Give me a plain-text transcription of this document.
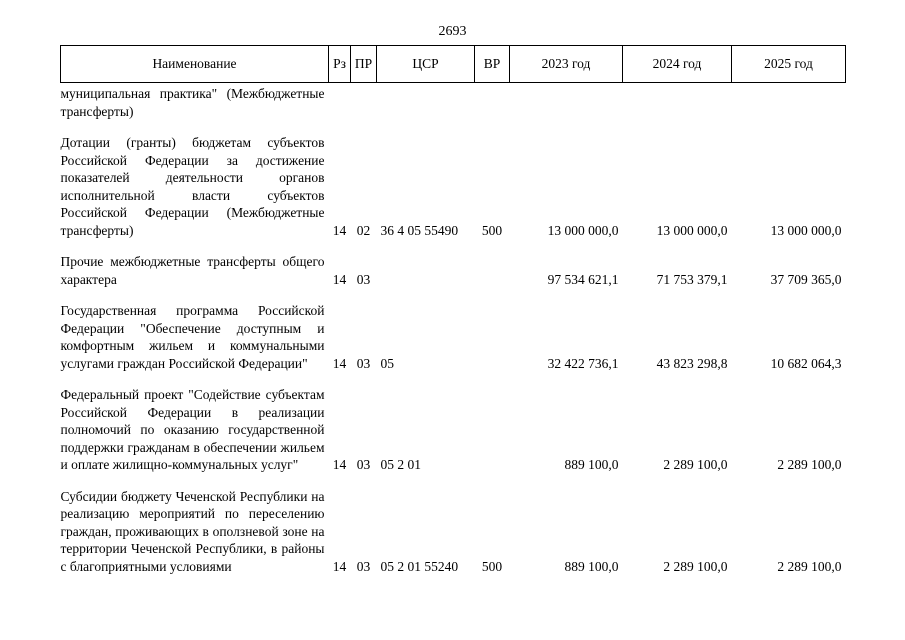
2693
Наименование	Рз	ПР	ЦСР	ВР	2023 год	2024 год	2025 год
муниципальная практика" (Межбюджетные трансферты)							
Дотации (гранты) бюджетам субъектов Российской Федерации за достижение показателей деятельности органов исполнительной власти субъектов Российской Федерации (Межбюджетные трансферты)	14	02	36 4 05 55490	500	13 000 000,0	13 000 000,0	13 000 000,0
Прочие межбюджетные трансферты общего характера	14	03			97 534 621,1	71 753 379,1	37 709 365,0
Государственная программа Российской Федерации "Обеспечение доступным и комфортным жильем и коммунальными услугами граждан Российской Федерации"	14	03	05		32 422 736,1	43 823 298,8	10 682 064,3
Федеральный проект "Содействие субъектам Российской Федерации в реализации полномочий по оказанию государственной поддержки гражданам в обеспечении жильем и оплате жилищно-коммунальных услуг"	14	03	05 2 01		889 100,0	2 289 100,0	2 289 100,0
Субсидии бюджету Чеченской Республики на реализацию мероприятий по переселению граждан, проживающих в оползневой зоне на территории Чеченской Республики, в районы с благоприятными условиями	14	03	05 2 01 55240	500	889 100,0	2 289 100,0	2 289 100,0
